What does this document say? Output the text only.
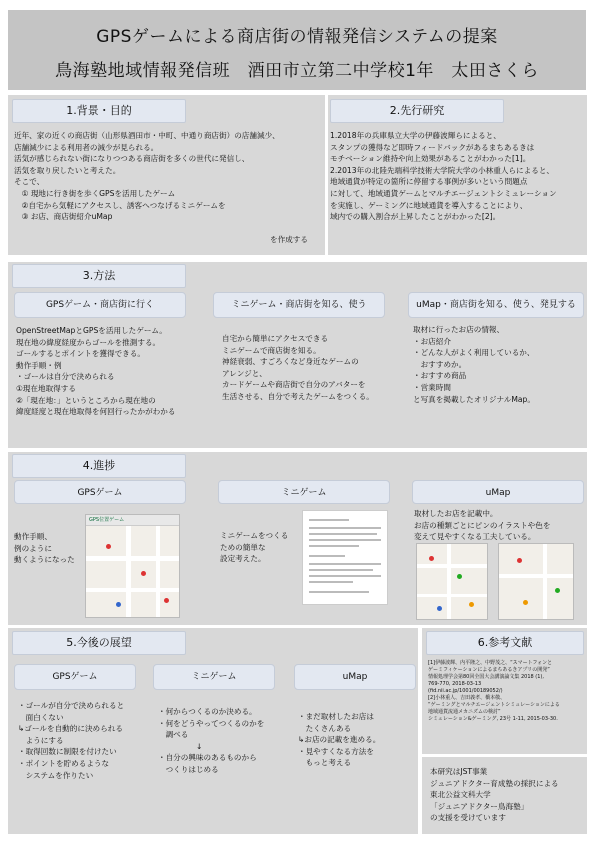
GPSゲームによる商店街の情報発信システムの提案
鳥海塾地域情報発信班　酒田市立第二中学校1年　太田さくら
1.背景・目的
近年、家の近くの商店街（山形県酒田市・中町、中通り商店街）の店舗減少、
店舗減少による利用者の減少が見られる。
活気が感じられない街になりつつある商店街を多くの世代に発信し、
活気を取り戻したいと考えた。
そこで、
　① 現地に行き街を歩くGPSを活用したゲーム
　②自宅から気軽にアクセスし、誘客へつなげるミニゲームを
　③ お店、商店街紹介uMap
を作成する
2.先行研究
1.2018年の兵庫県立大学の伊藤波輝らによると、
スタンプの獲得など即時フィードバックがあるまちあるきは
モチベーション維持や向上効果があることがわかった[1]。
2.2013年の北陸先端科学技術大学院大学の小林重人らによると、
地域通貨が特定の箇所に停留する事例が多いという問題点
に対して、地域通貨ゲームとマルチエージェントシミュレーション
を実施し、ゲーミングに地域通貨を導入することにより、
域内での購入割合が上昇したことがわかった[2]。
3.方法
GPSゲーム・商店街に行く	ミニゲーム・商店街を知る、使う	uMap・商店街を知る、使う、発見する
OpenStreetMapとGPSを活用したゲーム。
現在地の緯度経度からゴールを推測する。
ゴールするとポイントを獲得できる。
動作手順・例
・ゴールは自分で決められる
①現在地取得する
②「現在地：」というところから現在地の
緯度経度と現在地取得を何回行ったかがわかる
自宅から簡単にアクセスできる
ミニゲームで商店街を知る。
神経衰弱、すごろくなど身近なゲームの
アレンジと、
カードゲームや商店街で自分のアバターを
生活させる、自分で考えたゲームをつくる。
取材に行ったお店の情報、
・お店紹介
・どんな人がよく利用しているか、
　おすすめか。
・おすすめ商品
・営業時間
と写真を掲載したオリジナルMap。
4.進捗
GPSゲーム	ミニゲーム	uMap
動作手順、
例のように
動くようになった
GPS位置ゲーム
ミニゲームをつくる
ための簡単な
設定考えた。
取材したお店を記載中。
お店の種類ごとにピンのイラストや色を
変えて見やすくなる工夫している。
5.今後の展望
GPSゲーム	ミニゲーム	uMap
・ゴールが自分で決められると
　面白くない
↳ゴールを自動的に決められる
　ようにする
・取得回数に制限を付けたい
・ポイントを貯めるような
　システムを作りたい
・何からつくるのか決める。
・何をどうやってつくるのかを
　調べる
　　　　　↓
・自分の興味のあるものから
　つくりはじめる
・まだ取材したお店は
　たくさんある
↳お店の記載を進める。
・見やすくなる方法を
　もっと考える
6.参考文献
[1]伊藤波輝、内平隆之、中野茂之、“スマートフォンと
ゲーミフィケーションによるまちあるきアプリの開発”
情報処理学会第80回全国大会講演論文集 2018 (1),
769-770, 2018-03-13
(fid.nii.ac.jp/1001/00189052/)
[2]小林重人、吉田義孝、橋本敬、
“ゲーミングとマルチエージェントシミュレーションによる
地域通貨流通メカニズムの検討”
シミュレーション&ゲーミング, 23号 1-11, 2015-03-30.
本研究はJST事業
ジュニアドクター育成塾の採択による
東北公益文科大学
「ジュニアドクター鳥海塾」
の支援を受けています
